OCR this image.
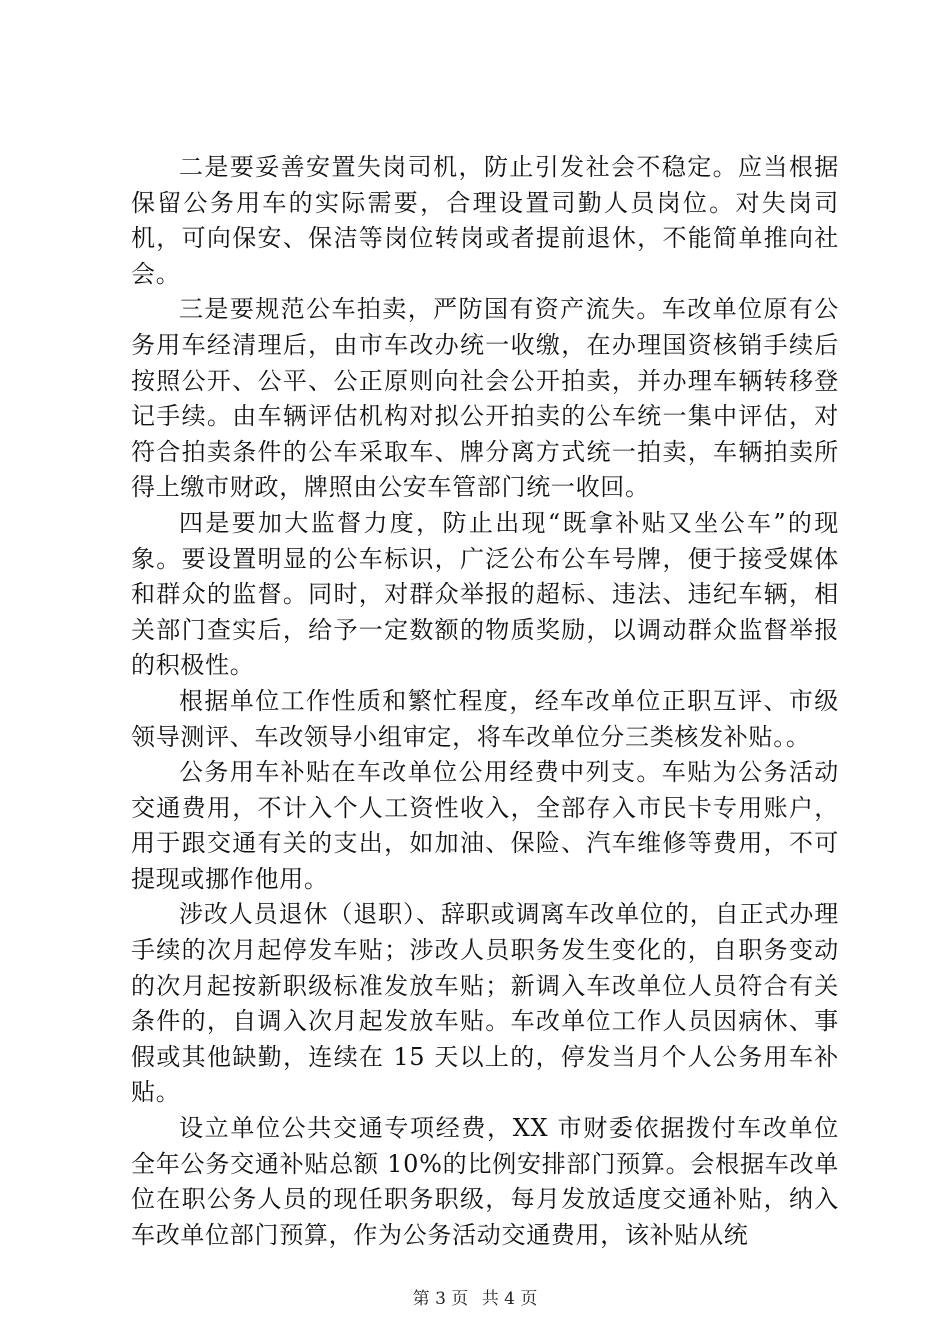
二是要妥善安置失岗司机，防止引发社会不稳定。应当根据保留公务用车的实际需要，合理设置司勤人员岗位。对失岗司机，可向保安、保洁等岗位转岗或者提前退休，不能简单推向社会。

三是要规范公车拍卖，严防国有资产流失。车改单位原有公务用车经清理后，由市车改办统一收缴，在办理国资核销手续后按照公开、公平、公正原则向社会公开拍卖，并办理车辆转移登记手续。由车辆评估机构对拟公开拍卖的公车统一集中评估，对符合拍卖条件的公车采取车、牌分离方式统一拍卖，车辆拍卖所得上缴市财政，牌照由公安车管部门统一收回。

四是要加大监督力度，防止出现“既拿补贴又坐公车”的现象。要设置明显的公车标识，广泛公布公车号牌，便于接受媒体和群众的监督。同时，对群众举报的超标、违法、违纪车辆，相关部门查实后，给予一定数额的物质奖励，以调动群众监督举报的积极性。

根据单位工作性质和繁忙程度，经车改单位正职互评、市级领导测评、车改领导小组审定，将车改单位分三类核发补贴。。

公务用车补贴在车改单位公用经费中列支。车贴为公务活动交通费用，不计入个人工资性收入，全部存入市民卡专用账户，用于跟交通有关的支出，如加油、保险、汽车维修等费用，不可提现或挪作他用。

涉改人员退休（退职）、辞职或调离车改单位的，自正式办理手续的次月起停发车贴；涉改人员职务发生变化的，自职务变动的次月起按新职级标准发放车贴；新调入车改单位人员符合有关条件的，自调入次月起发放车贴。车改单位工作人员因病休、事假或其他缺勤，连续在 15 天以上的，停发当月个人公务用车补贴。

设立单位公共交通专项经费，XX 市财委依据拨付车改单位全年公务交通补贴总额 10%的比例安排部门预算。会根据车改单位在职公务人员的现任职务职级，每月发放适度交通补贴，纳入车改单位部门预算，作为公务活动交通费用，该补贴从统

第 3 页 共 4 页
